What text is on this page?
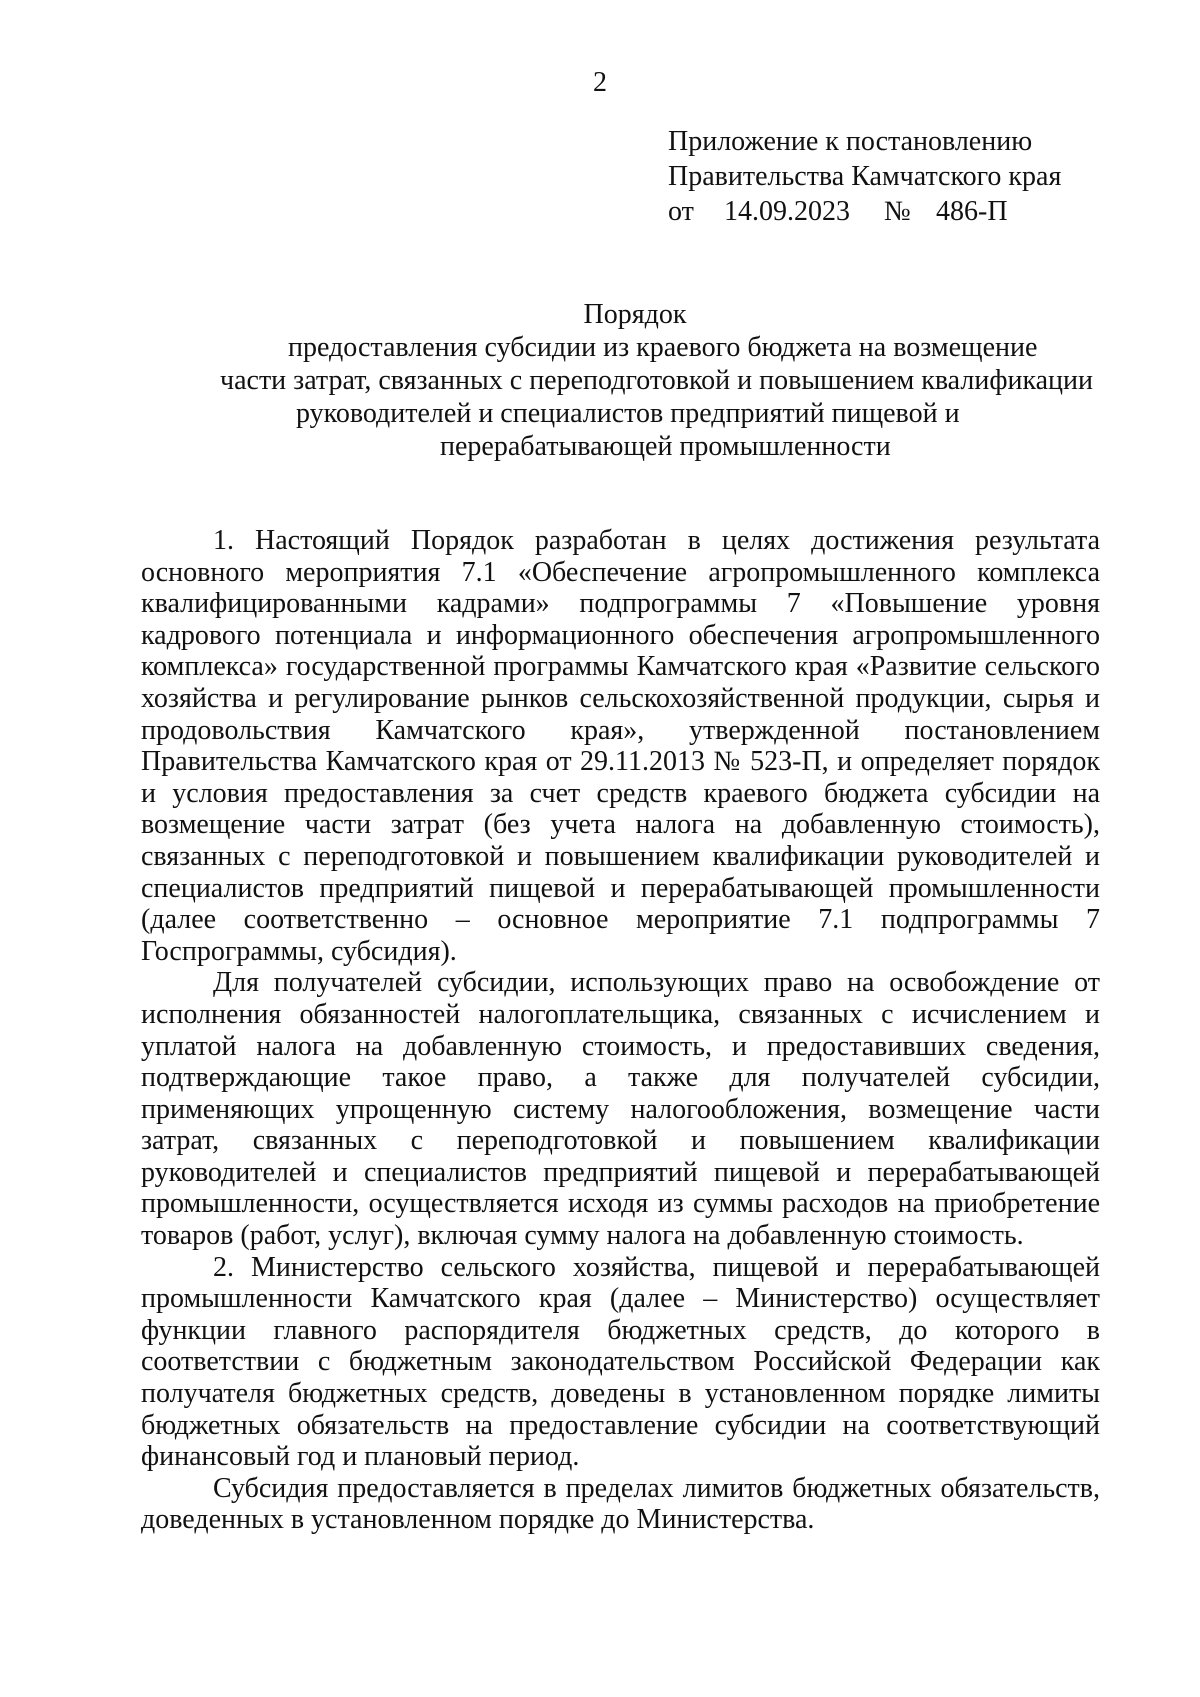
2
Приложение к постановлению
Правительства Камчатского края
от 14.09.2023 № 486-П
Порядок
предоставления субсидии из краевого бюджета на возмещение
части затрат, связанных с переподготовкой и повышением квалификации
руководителей и специалистов предприятий пищевой и
перерабатывающей промышленности

1. Настоящий Порядок разработан в целях достижения результата основного мероприятия 7.1 «Обеспечение агропромышленного комплекса квалифицированными кадрами» подпрограммы 7 «Повышение уровня кадрового потенциала и информационного обеспечения агропромышленного комплекса» государственной программы Камчатского края «Развитие сельского хозяйства и регулирование рынков сельскохозяйственной продукции, сырья и продовольствия Камчатского края», утвержденной постановлением Правительства Камчатского края от 29.11.2013 № 523-П, и определяет порядок и условия предоставления за счет средств краевого бюджета субсидии на возмещение части затрат (без учета налога на добавленную стоимость), связанных с переподготовкой и повышением квалификации руководителей и специалистов предприятий пищевой и перерабатывающей промышленности (далее соответственно – основное мероприятие 7.1 подпрограммы 7 Госпрограммы, субсидия).

Для получателей субсидии, использующих право на освобождение от исполнения обязанностей налогоплательщика, связанных с исчислением и уплатой налога на добавленную стоимость, и предоставивших сведения, подтверждающие такое право, а также для получателей субсидии, применяющих упрощенную систему налогообложения, возмещение части затрат, связанных с переподготовкой и повышением квалификации руководителей и специалистов предприятий пищевой и перерабатывающей промышленности, осуществляется исходя из суммы расходов на приобретение товаров (работ, услуг), включая сумму налога на добавленную стоимость.

2. Министерство сельского хозяйства, пищевой и перерабатывающей промышленности Камчатского края (далее – Министерство) осуществляет функции главного распорядителя бюджетных средств, до которого в соответствии с бюджетным законодательством Российской Федерации как получателя бюджетных средств, доведены в установленном порядке лимиты бюджетных обязательств на предоставление субсидии на соответствующий финансовый год и плановый период.

Субсидия предоставляется в пределах лимитов бюджетных обязательств, доведенных в установленном порядке до Министерства.
